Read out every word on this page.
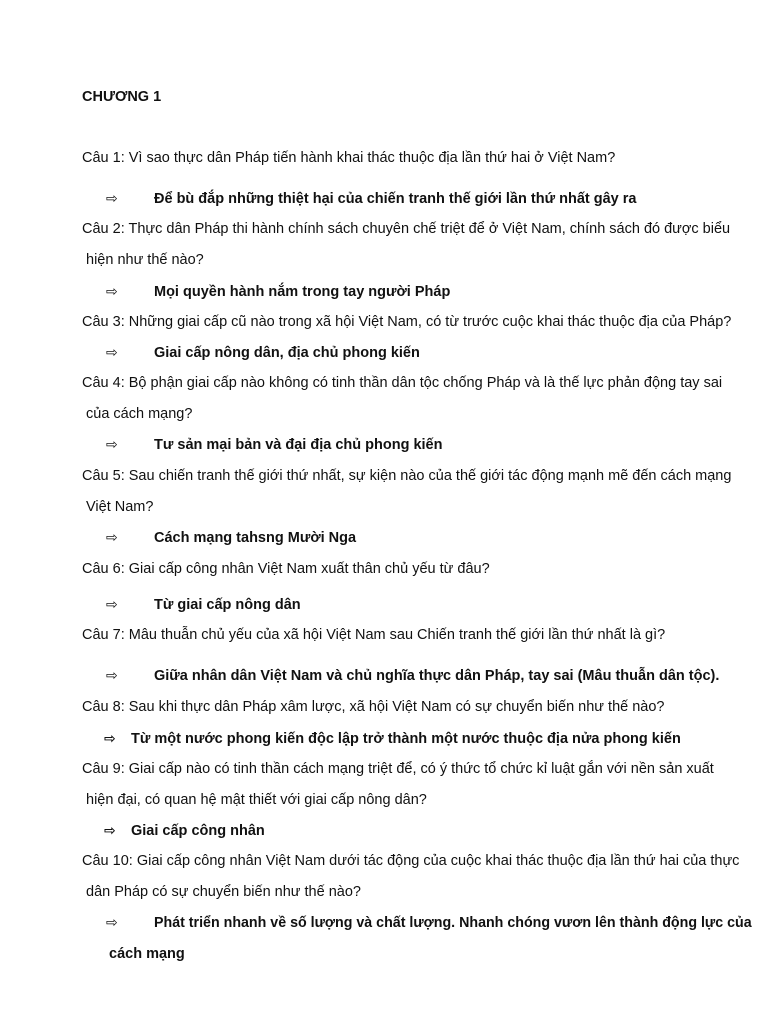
CHƯƠNG 1
Câu 1: Vì sao thực dân Pháp tiến hành khai thác thuộc địa lần thứ hai ở Việt Nam?
⇨	Để bù đắp những thiệt hại của chiến tranh thế giới lần thứ nhất gây ra
Câu 2: Thực dân Pháp thi hành chính sách chuyên chế triệt để ở Việt Nam, chính sách đó được biểu
hiện như thế nào?
⇨	Mọi quyền hành nắm trong tay người Pháp
Câu 3: Những giai cấp cũ nào trong xã hội Việt Nam, có từ trước cuộc khai thác thuộc địa của Pháp?
⇨	Giai cấp nông dân, địa chủ phong kiến
Câu 4: Bộ phận giai cấp nào không có tinh thần dân tộc chống Pháp và là thế lực phản động tay sai
của cách mạng?
⇨	Tư sản mại bản và đại địa chủ phong kiến
Câu 5: Sau chiến tranh thế giới thứ nhất, sự kiện nào của thế giới tác động mạnh mẽ đến cách mạng
Việt Nam?
⇨	Cách mạng tahsng Mười Nga
Câu 6: Giai cấp công nhân Việt Nam xuất thân chủ yếu từ đâu?
⇨	Từ giai cấp nông dân
Câu 7: Mâu thuẫn chủ yếu của xã hội Việt Nam sau Chiến tranh thế giới lần thứ nhất là gì?
⇨	Giữa nhân dân Việt Nam và chủ nghĩa thực dân Pháp, tay sai (Mâu thuẫn dân tộc).
Câu 8: Sau khi thực dân Pháp xâm lược, xã hội Việt Nam có sự chuyển biến như thế nào?
⇨ Từ một nước phong kiến độc lập trở thành một nước thuộc địa nửa phong kiến
Câu 9: Giai cấp nào có tinh thần cách mạng triệt để, có ý thức tổ chức kỉ luật gắn với nền sản xuất
hiện đại, có quan hệ mật thiết với giai cấp nông dân?
⇨ Giai cấp công nhân
Câu 10: Giai cấp công nhân Việt Nam dưới tác động của cuộc khai thác thuộc địa lần thứ hai của thực
dân Pháp có sự chuyển biến như thế nào?
⇨	Phát triển nhanh về số lượng và chất lượng. Nhanh chóng vươn lên thành động lực của
cách mạng
